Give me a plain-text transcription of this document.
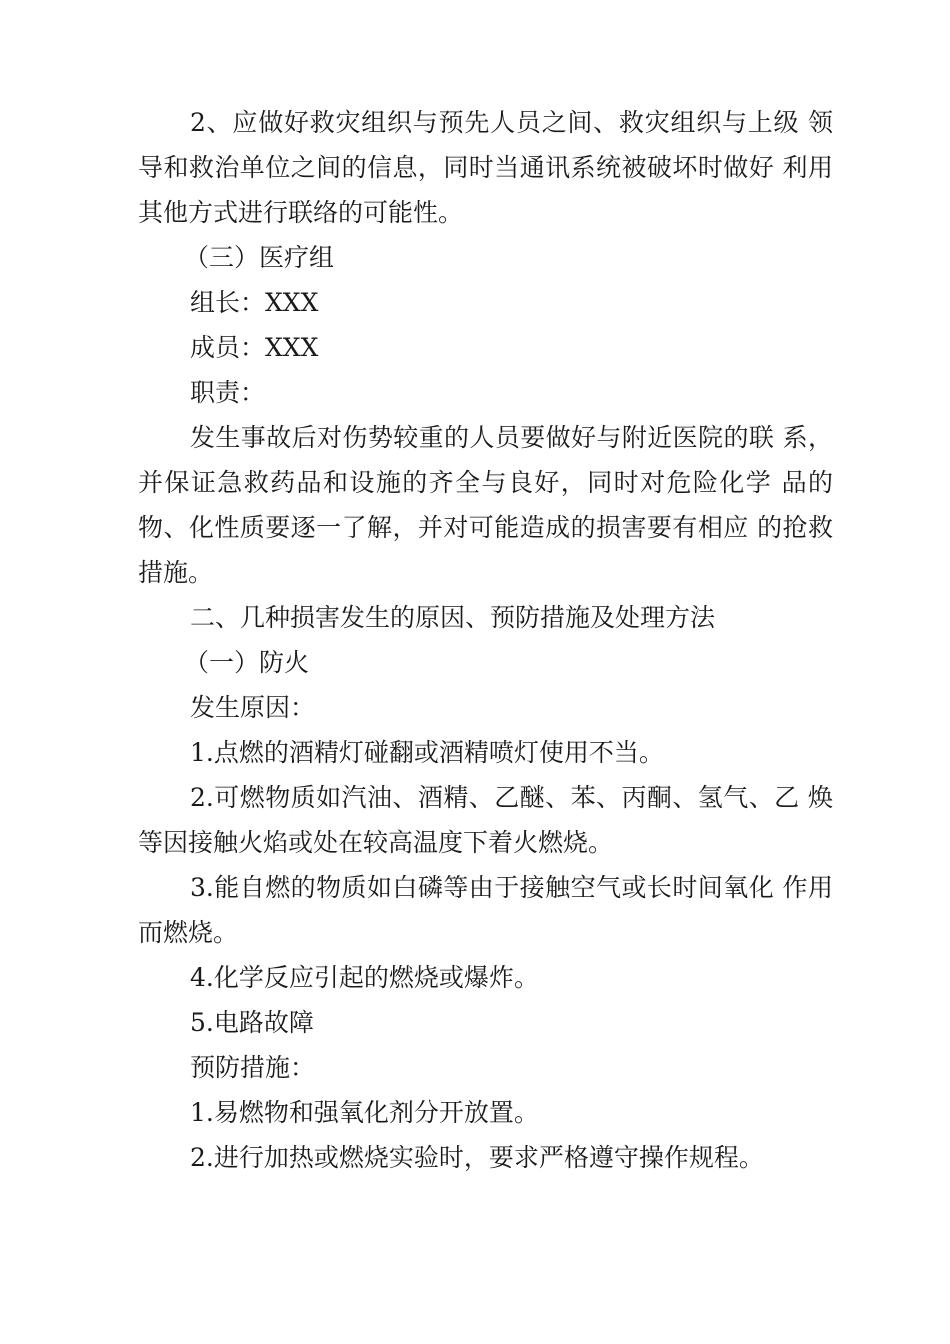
2、应做好救灾组织与预先人员之间、救灾组织与上级 领导和救治单位之间的信息，同时当通讯系统被破坏时做好 利用其他方式进行联络的可能性。

（三）医疗组

组长：XXX

成员：XXX

职责：

发生事故后对伤势较重的人员要做好与附近医院的联 系，并保证急救药品和设施的齐全与良好，同时对危险化学 品的物、化性质要逐一了解，并对可能造成的损害要有相应 的抢救措施。

二、几种损害发生的原因、预防措施及处理方法

（一）防火

发生原因：

1.点燃的酒精灯碰翻或酒精喷灯使用不当。

2.可燃物质如汽油、酒精、乙醚、苯、丙酮、氢气、乙 焕等因接触火焰或处在较高温度下着火燃烧。

3.能自燃的物质如白磷等由于接触空气或长时间氧化 作用而燃烧。

4.化学反应引起的燃烧或爆炸。

5.电路故障

预防措施：

1.易燃物和强氧化剂分开放置。

2.进行加热或燃烧实验时，要求严格遵守操作规程。
